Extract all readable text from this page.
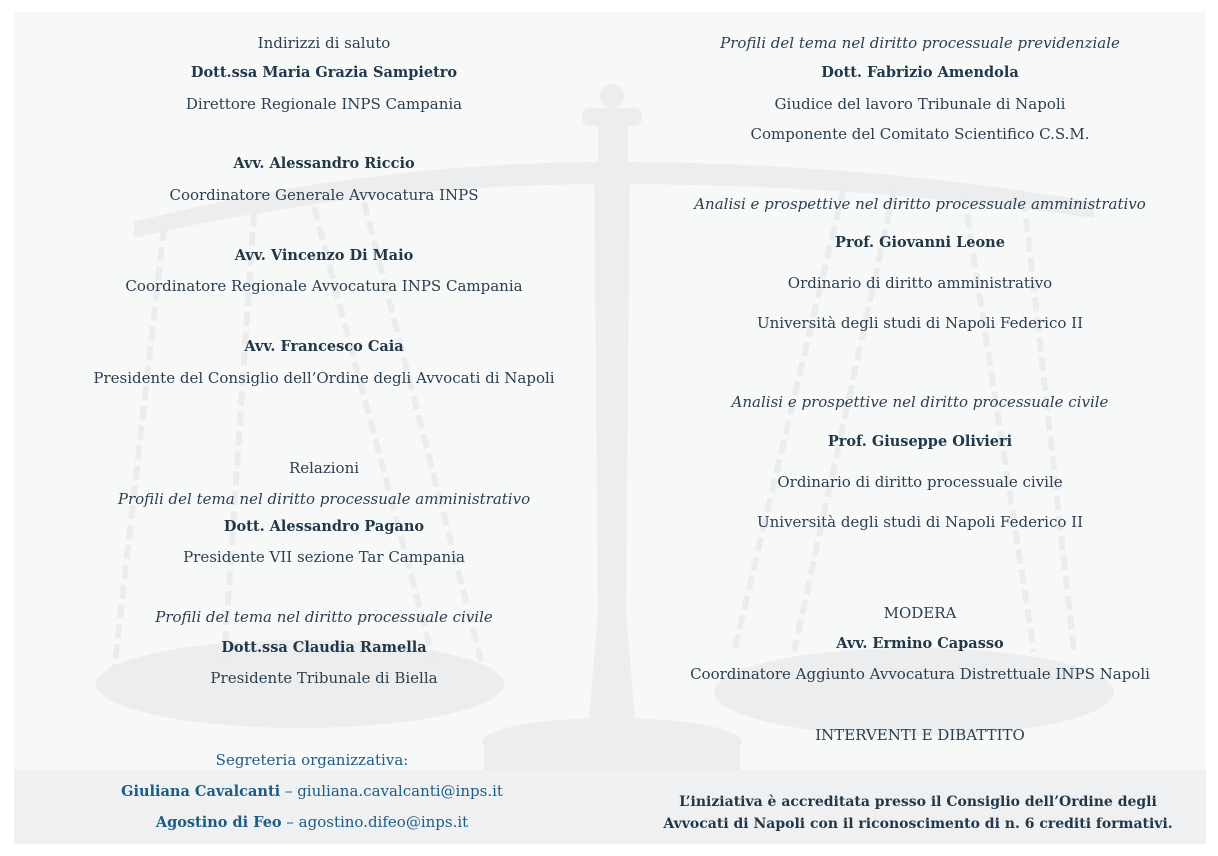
Indirizzi di saluto
Dott.ssa Maria Grazia Sampietro
Direttore Regionale INPS Campania
Avv. Alessandro Riccio
Coordinatore Generale Avvocatura INPS
Avv. Vincenzo Di Maio
Coordinatore Regionale Avvocatura INPS Campania
Avv. Francesco Caia
Presidente del Consiglio dell’Ordine degli Avvocati di Napoli
Relazioni
Profili del tema nel diritto processuale amministrativo
Dott. Alessandro Pagano
Presidente VII sezione Tar Campania
Profili del tema nel diritto processuale civile
Dott.ssa Claudia Ramella
Presidente Tribunale di Biella
Segreteria organizzativa:
Giuliana Cavalcanti – giuliana.cavalcanti@inps.it
Agostino di Feo – agostino.difeo@inps.it
Profili del tema nel diritto processuale previdenziale
Dott. Fabrizio Amendola
Giudice del lavoro Tribunale di Napoli
Componente del Comitato Scientifico C.S.M.
Analisi e prospettive nel diritto processuale amministrativo
Prof. Giovanni Leone
Ordinario di diritto amministrativo
Università degli studi di Napoli Federico II
Analisi e prospettive nel diritto processuale civile
Prof. Giuseppe Olivieri
Ordinario di diritto processuale civile
Università degli studi di Napoli Federico II
MODERA
Avv. Ermino Capasso
Coordinatore Aggiunto Avvocatura Distrettuale INPS Napoli
INTERVENTI E DIBATTITO
L’iniziativa è accreditata presso il Consiglio dell’Ordine degli
Avvocati di Napoli con il riconoscimento di n. 6 crediti formativi.
